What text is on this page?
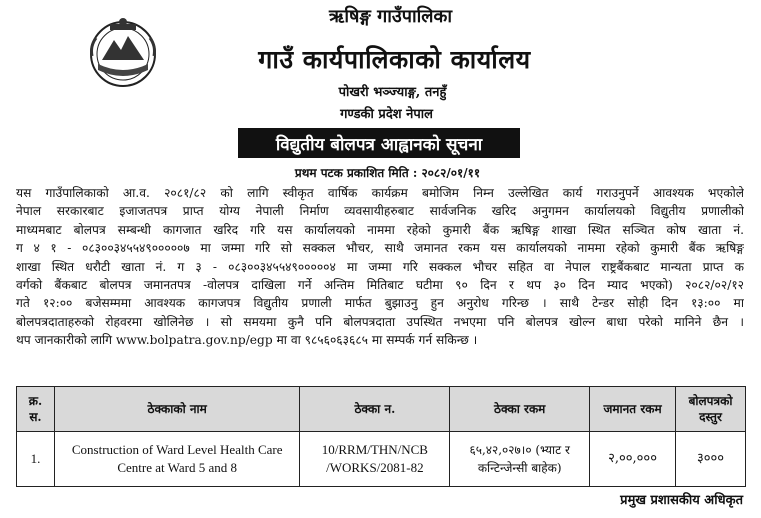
ऋषिङ्ग गाउँपालिका
गाउँ कार्यपालिकाको कार्यालय
पोखरी भञ्ज्याङ्ग, तनहुँ
गण्डकी प्रदेश नेपाल
विद्युतीय बोलपत्र आह्वानको सूचना
प्रथम पटक प्रकाशित मिति : २०८२/०१/११
यस गाउँपालिकाको आ.व. २०८१/८२ को लागि स्वीकृत वार्षिक कार्यक्रम बमोजिम निम्न उल्लेखित कार्य गराउनुपर्ने आवश्यक भएकोले
नेपाल सरकारबाट इजाजतपत्र प्राप्त योग्य नेपाली निर्माण व्यवसायीहरुबाट सार्वजनिक खरिद अनुगमन कार्यालयको विद्युतीय प्रणालीको
माध्यमबाट बोलपत्र सम्बन्धी कागजात खरिद गरि यस कार्यालयको नाममा रहेको कुमारी बैंक ऋषिङ्ग शाखा स्थित सञ्चित कोष खाता नं.
ग ४ १ - ०८३००३४५५४९०००००७ मा जम्मा गरि सो सक्कल भौचर, साथै जमानत रकम यस कार्यालयको नाममा रहेको कुमारी बैंक ऋषिङ्ग
शाखा स्थित धरौटी खाता नं. ग ३ - ०८३००३४५५४९०००००४ मा जम्मा गरि सक्कल भौचर सहित वा नेपाल राष्ट्रबैंकबाट मान्यता प्राप्त क
वर्गको बैंकबाट बोलपत्र जमानतपत्र -वोलपत्र दाखिला गर्ने अन्तिम मितिबाट घटीमा ९० दिन र थप ३० दिन म्याद भएको) २०८२/०२/१२
गते १२:०० बजेसम्ममा आवश्यक कागजपत्र विद्युतीय प्रणाली मार्फत बुझाउनु हुन अनुरोध गरिन्छ । साथै टेन्डर सोही दिन १३:०० मा
बोलपत्रदाताहरुको रोहवरमा खोलिनेछ । सो समयमा कुनै पनि बोलपत्रदाता उपस्थित नभएमा पनि बोलपत्र खोल्न बाधा परेको मानिने छैन ।
थप जानकारीको लागि www.bolpatra.gov.np/egp मा वा ९८५६०६३६८५ मा सम्पर्क गर्न सकिन्छ ।
क्र. स.	ठेक्काको नाम	ठेक्का न.	ठेक्का रकम	जमानत रकम	बोलपत्रको दस्तुर
1.	Construction of Ward Level Health Care Centre at Ward 5 and 8	10/RRM/THN/NCB /WORKS/2081-82	६५,४२,०२७।० (भ्याट र कन्टिन्जेन्सी बाहेक)	२,००,०००	३०००
प्रमुख प्रशासकीय अधिकृत
